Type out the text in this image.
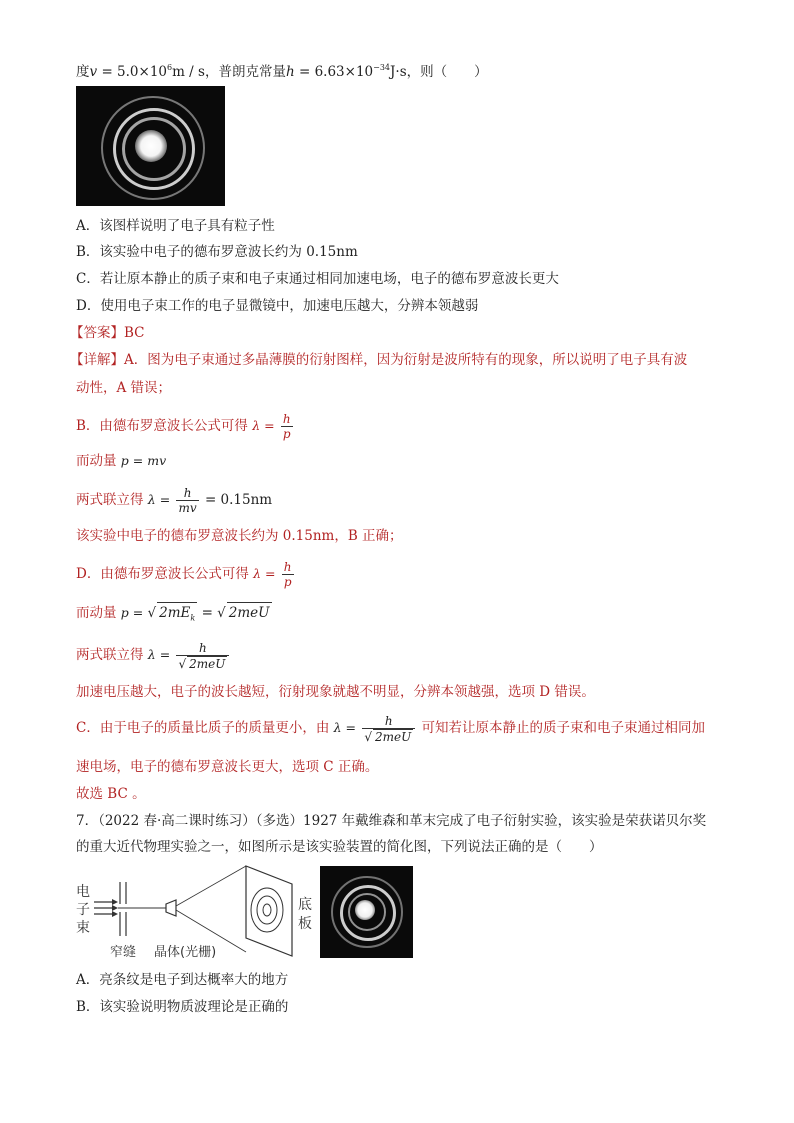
度$v = 5.0\times 10^6m / s$，普朗克常量$h = 6.63\times 10^{-34}J\cdot s$，则（　　）
A．该图样说明了电子具有粒子性
B．该实验中电子的德布罗意波长约为 0.15nm
C．若让原本静止的质子束和电子束通过相同加速电场，电子的德布罗意波长更大
D．使用电子束工作的电子显微镜中，加速电压越大，分辨本领越弱
【答案】BC
【详解】A．图为电子束通过多晶薄膜的衍射图样，因为衍射是波所特有的现象，所以说明了电子具有波
动性，A 错误；
B．由德布罗意波长公式可得 $\lambda = \frac{h}{p}$
而动量 p = mv
两式联立得 $\lambda = \frac{h}{mv} = 0.15nm$
该实验中电子的德布罗意波长约为 0.15nm，B 正确；
D．由德布罗意波长公式可得 $\lambda = \frac{h}{p}$
而动量 p = √ $2mE_k$ = √ 2meU
两式联立得 $\lambda = \frac{h}{\text{√ 2meU}}$
加速电压越大，电子的波长越短，衍射现象就越不明显，分辨本领越强，选项 D 错误。
C．由于电子的质量比质子的质量更小，由 $\lambda = \frac{h}{\text{√ 2meU}}$ 可知若让原本静止的质子束和电子束通过相同加
速电场，电子的德布罗意波长更大，选项 C 正确。
故选 BC 。
7．（2022 春·高二课时练习）（多选）1927 年戴维森和革末完成了电子衍射实验，该实验是荣获诺贝尔奖
的重大近代物理实验之一，如图所示是该实验装置的简化图，下列说法正确的是（　　）
电
子
束
底
板
窄缝 晶体(光栅)
A．亮条纹是电子到达概率大的地方
B．该实验说明物质波理论是正确的
